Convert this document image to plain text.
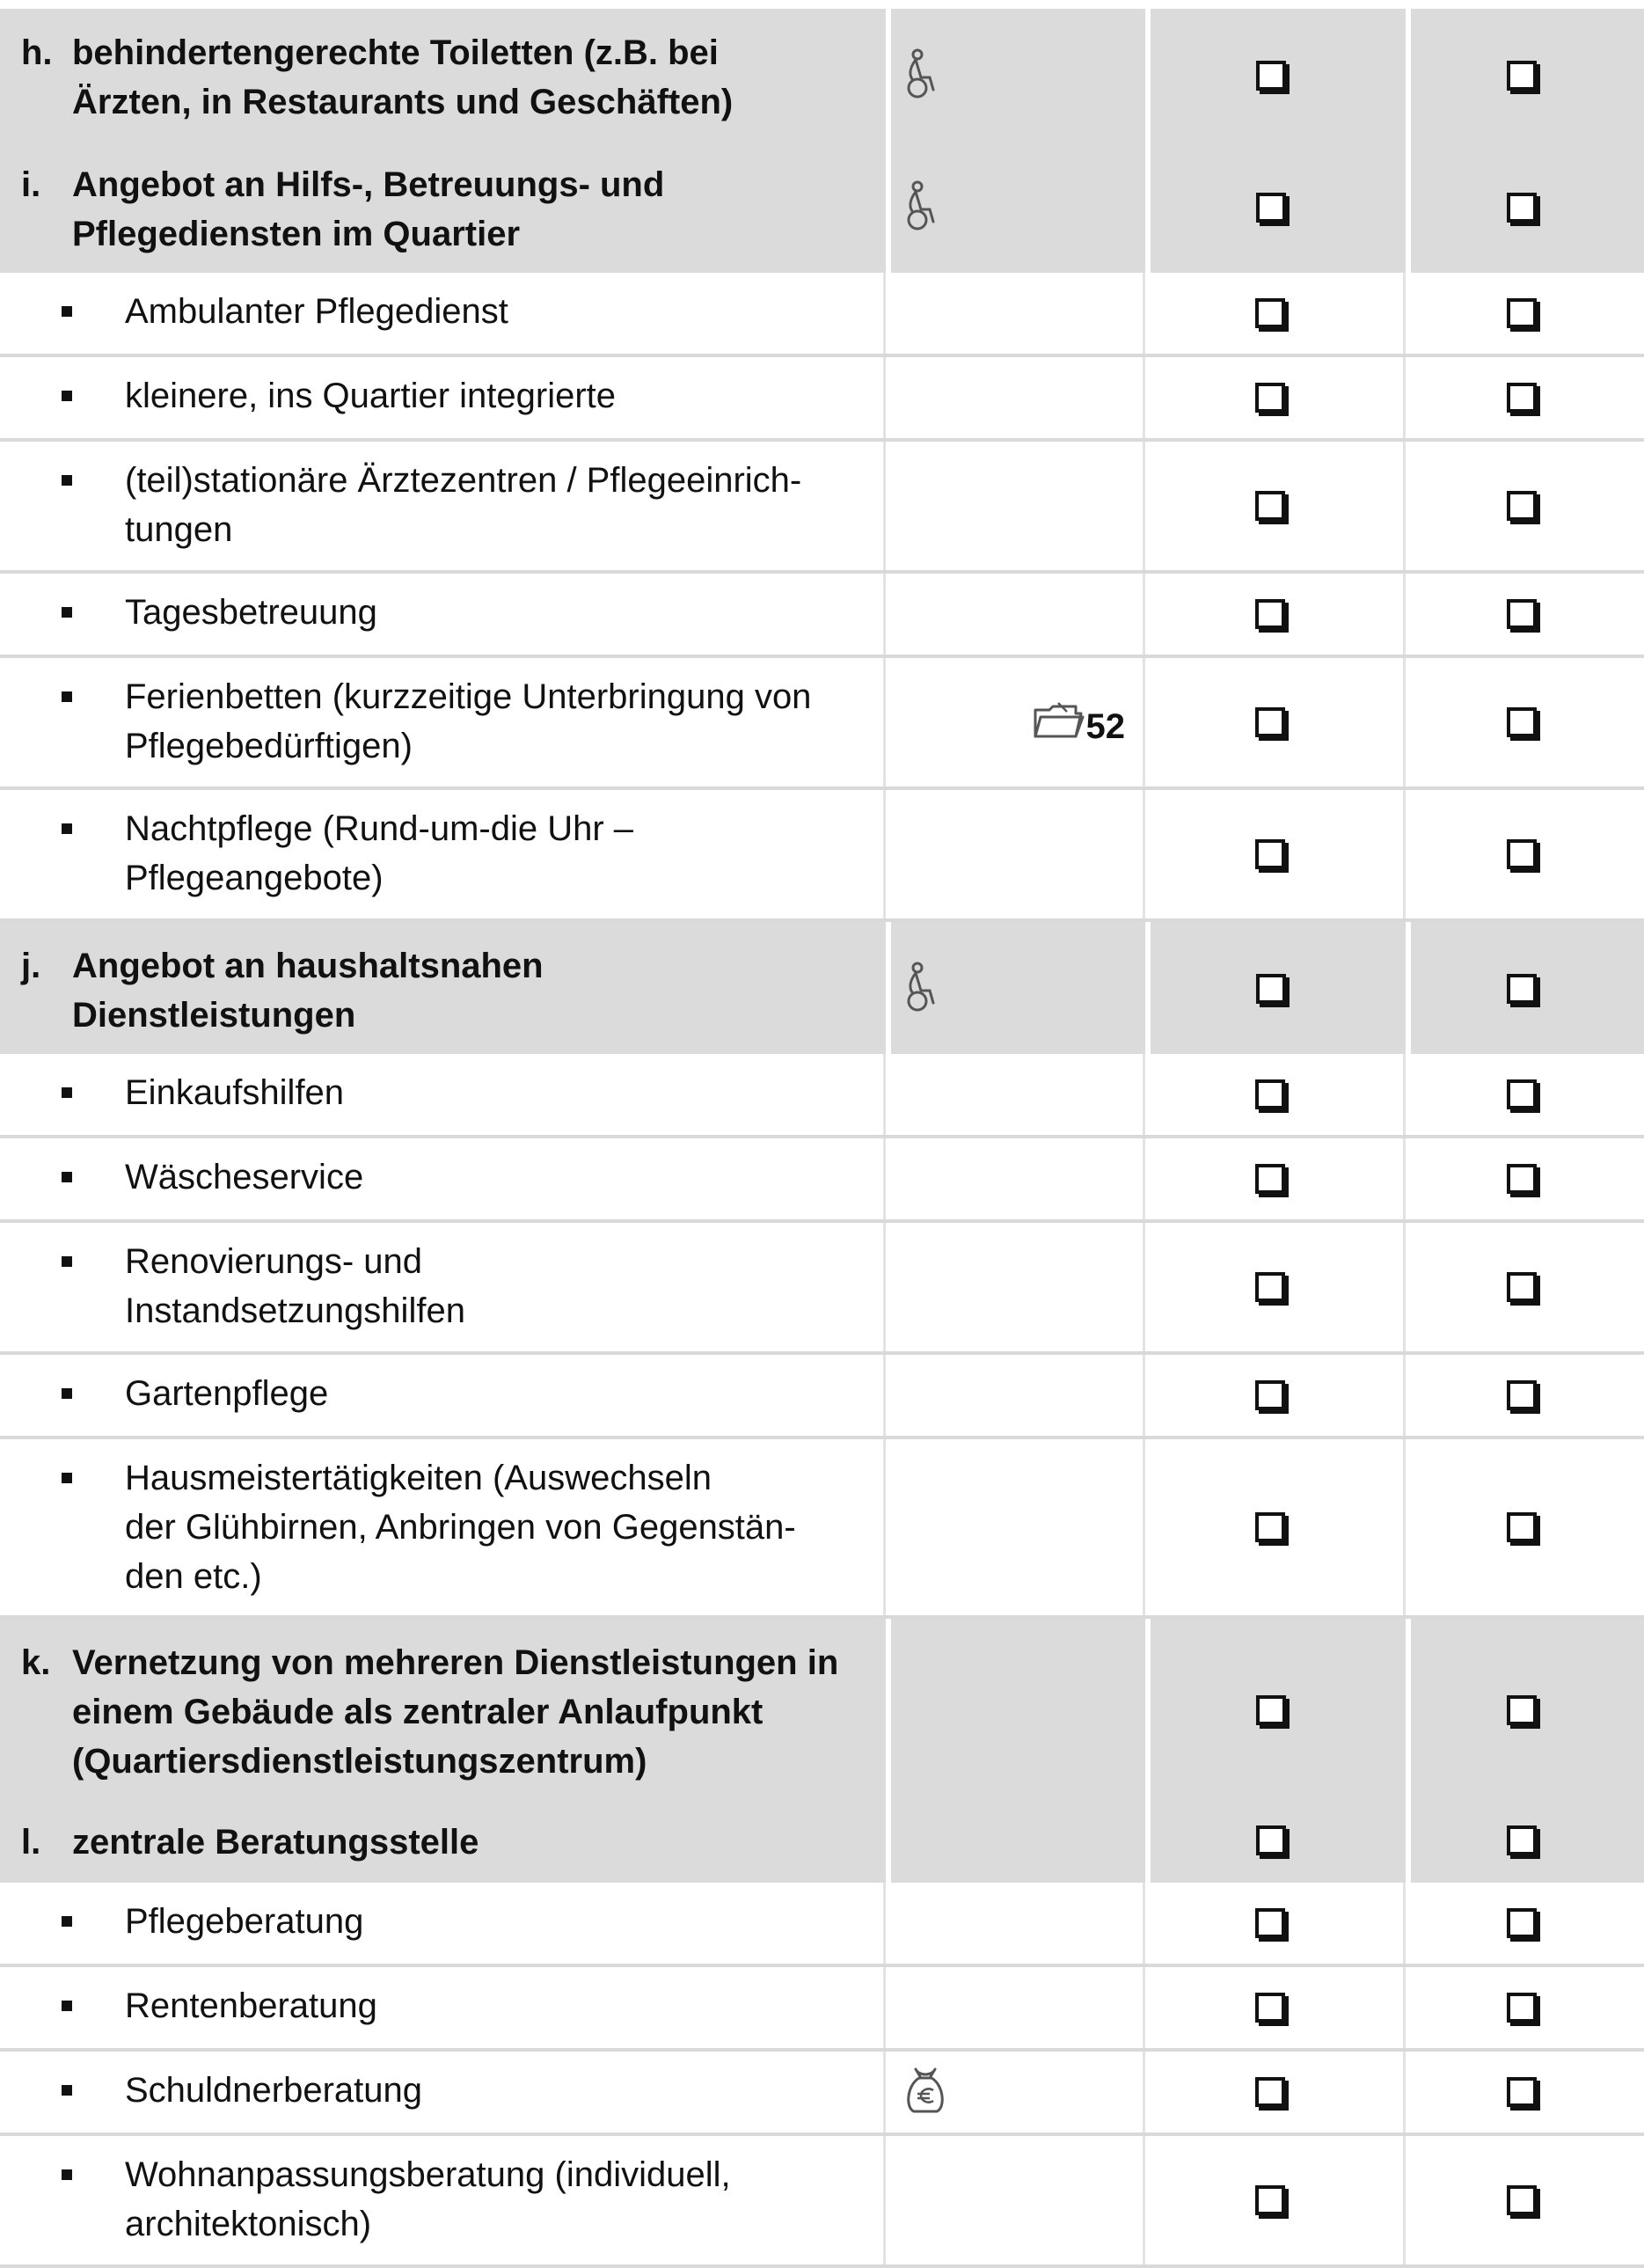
h. behindertengerechte Toiletten (z.B. bei
Ärzten, in Restaurants und Geschäften)
i. Angebot an Hilfs-, Betreuungs- und
Pflegediensten im Quartier
Ambulanter Pflegedienst
kleinere, ins Quartier integrierte
(teil)stationäre Ärztezentren / Pflegeeinrich-
tungen
Tagesbetreuung
Ferienbetten (kurzzeitige Unterbringung von
Pflegebedürftigen)
52
Nachtpflege (Rund-um-die Uhr –
Pflegeangebote)
j. Angebot an haushaltsnahen
Dienstleistungen
Einkaufshilfen
Wäscheservice
Renovierungs- und
Instandsetzungshilfen
Gartenpflege
Hausmeistertätigkeiten (Auswechseln
der Glühbirnen, Anbringen von Gegenstän-
den etc.)
k. Vernetzung von mehreren Dienstleistungen in
einem Gebäude als zentraler Anlaufpunkt
(Quartiersdienstleistungszentrum)
l. zentrale Beratungsstelle
Pflegeberatung
Rentenberatung
Schuldnerberatung
Wohnanpassungsberatung (individuell,
architektonisch)
